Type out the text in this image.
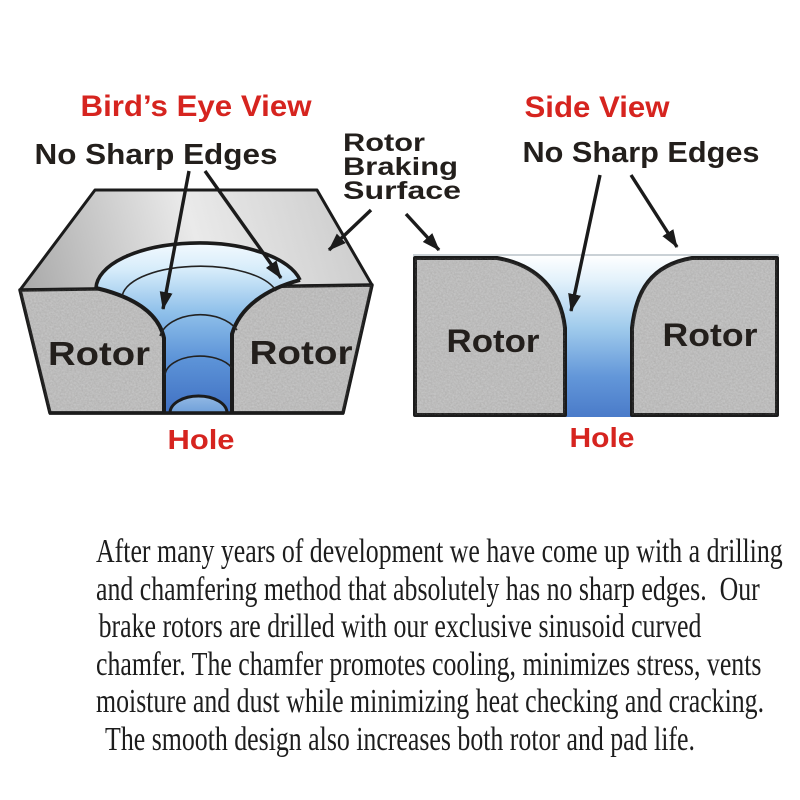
Bird’s Eye View	Side View
No Sharp Edges	No Sharp Edges
Rotor
Braking
Surface
Rotor	Rotor
Hole
Rotor	Rotor
Hole
After many years of development we have come up with a drilling
and chamfering method that absolutely has no sharp edges.  Our
brake rotors are drilled with our exclusive sinusoid curved
chamfer. The chamfer promotes cooling, minimizes stress, vents
moisture and dust while minimizing heat checking and cracking.
The smooth design also increases both rotor and pad life.
